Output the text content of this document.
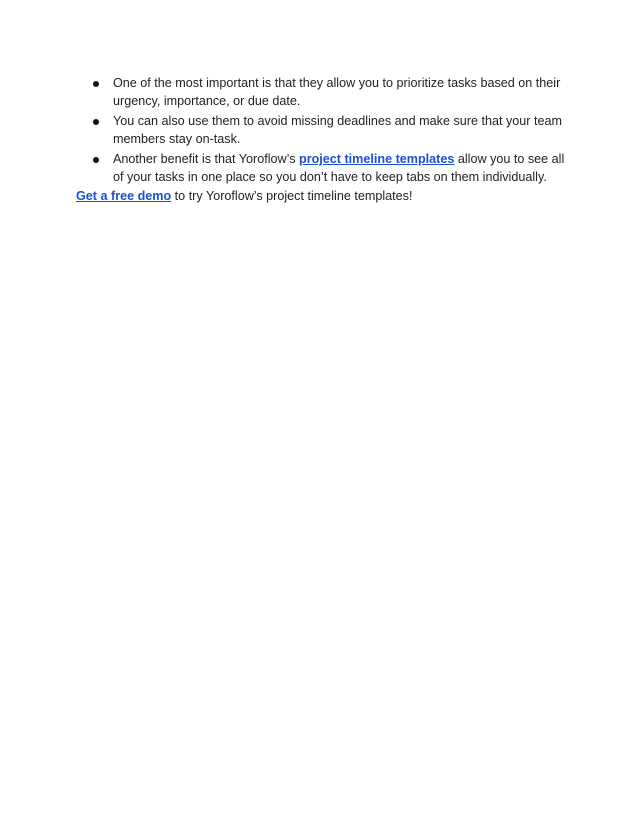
One of the most important is that they allow you to prioritize tasks based on their urgency, importance, or due date.
You can also use them to avoid missing deadlines and make sure that your team members stay on-task.
Another benefit is that Yoroflow’s project timeline templates allow you to see all of your tasks in one place so you don’t have to keep tabs on them individually.

Get a free demo to try Yoroflow’s project timeline templates!
